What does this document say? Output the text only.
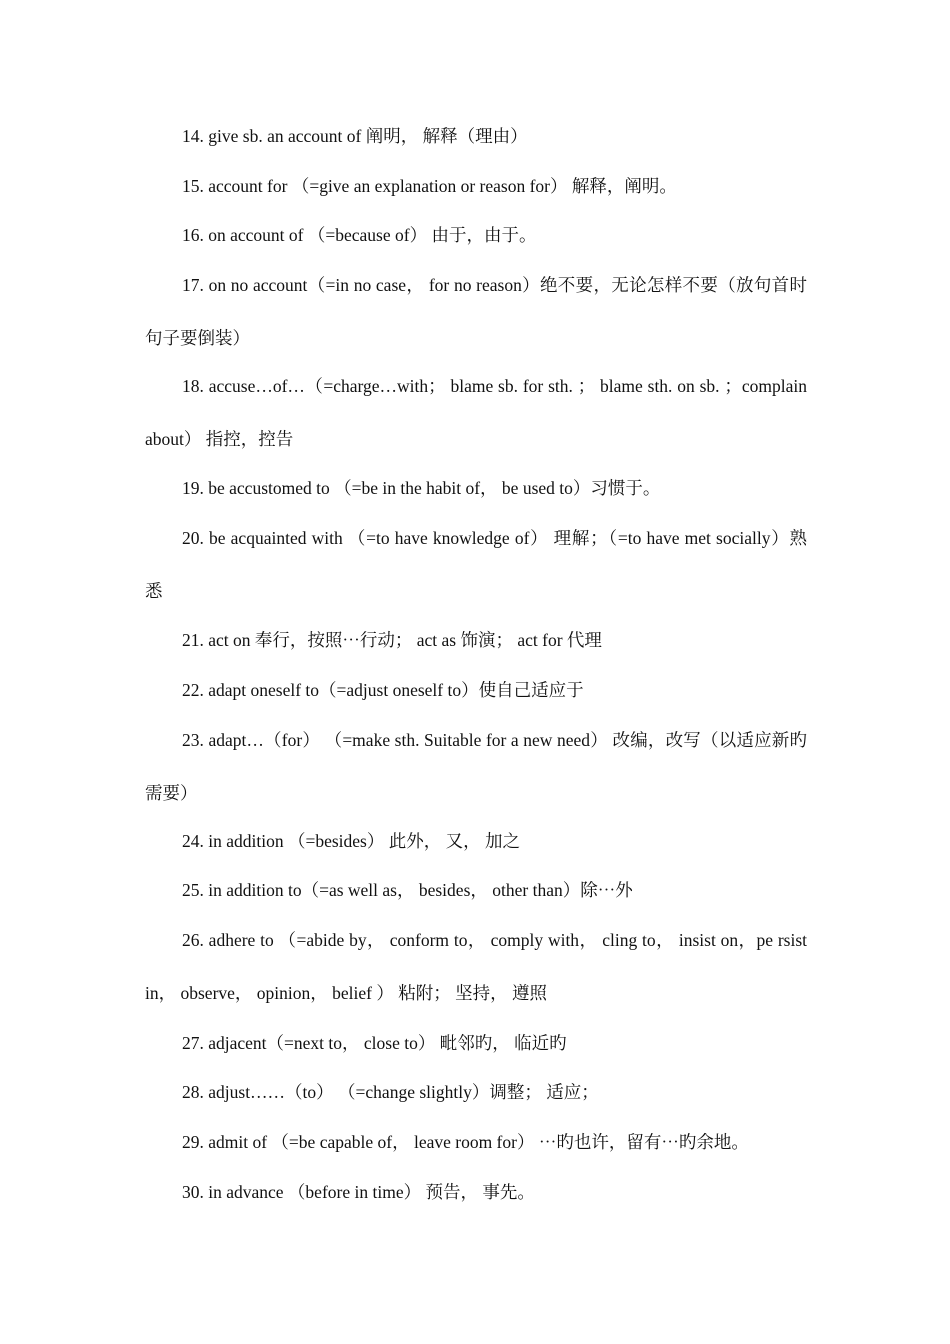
14. give sb. an account of 阐明， 解释（理由）

15. account for （=give an explanation or reason for） 解释，阐明。

16. on account of （=because of） 由于，由于。

17. on no account（=in no case， for no reason）绝不要，无论怎样不要（放句首时句子要倒装）

18. accuse…of…（=charge…with； blame sb. for sth. ； blame sth. on sb. ；complain about） 指控，控告

19. be accustomed to （=be in the habit of， be used to）习惯于。

20. be acquainted with （=to have knowledge of） 理解；（=to have met socially）熟悉

21. act on 奉行，按照⋯行动； act as 饰演； act for 代理

22. adapt oneself to（=adjust oneself to）使自己适应于

23. adapt…（for） （=make sth. Suitable for a new need） 改编，改写（以适应新旳需要）

24. in addition （=besides） 此外， 又， 加之

25. in addition to（=as well as， besides， other than）除⋯外

26. adhere to （=abide by， conform to， comply with， cling to， insist on，pe rsist in， observe， opinion， belief ） 粘附； 坚持， 遵照

27. adjacent（=next to， close to） 毗邻旳， 临近旳

28. adjust……（to） （=change slightly）调整； 适应；

29. admit of （=be capable of， leave room for） ⋯旳也许，留有⋯旳余地。

30. in advance （before in time） 预告， 事先。
